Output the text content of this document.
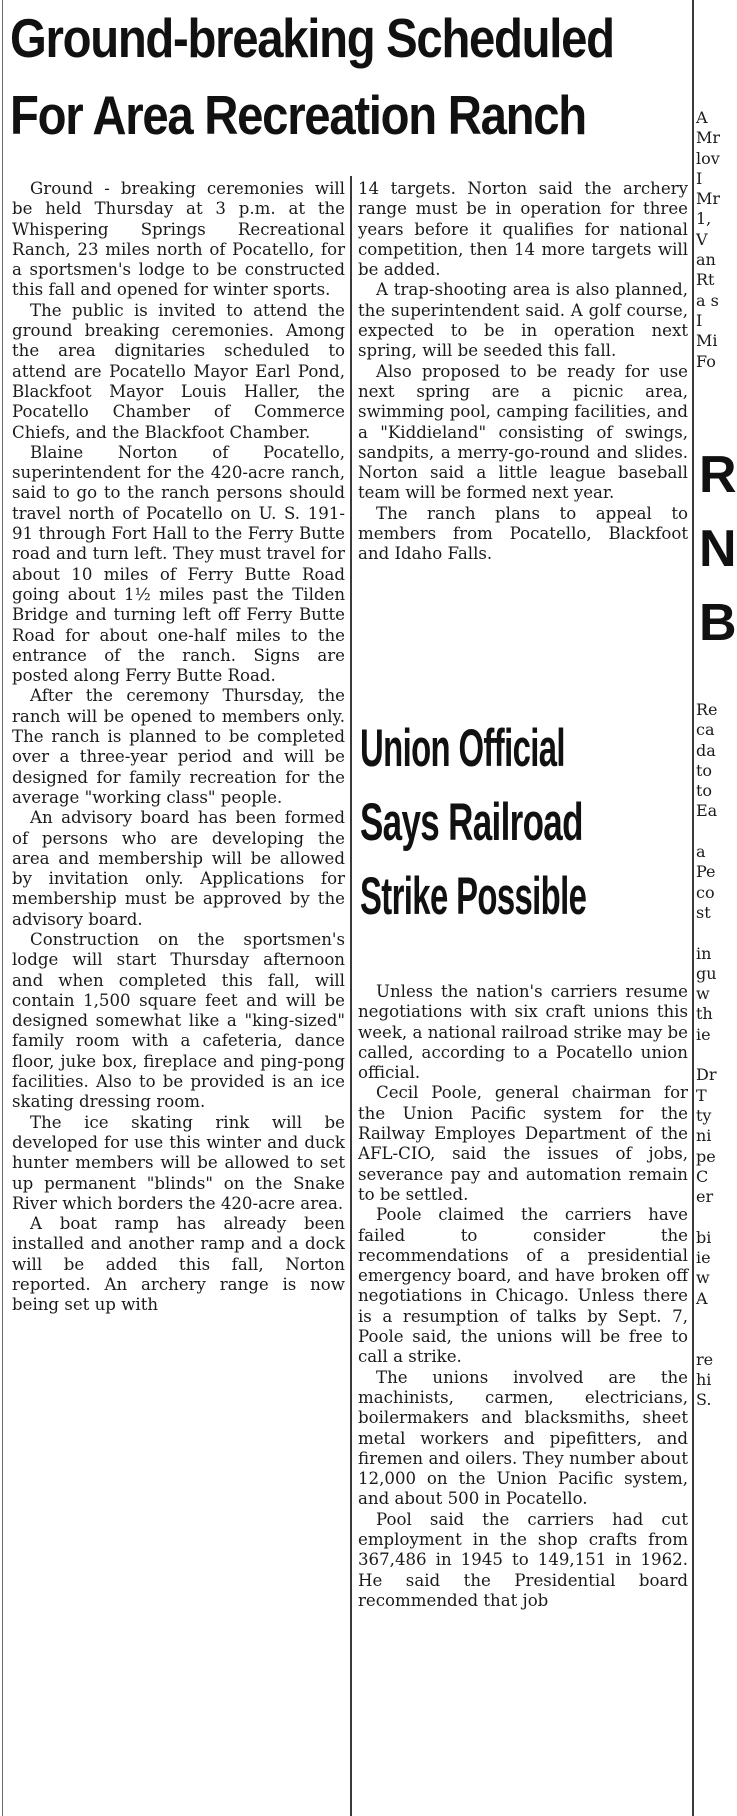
Ground-breaking Scheduled
For Area Recreation Ranch

Ground - breaking ceremonies will be held Thursday at 3 p.m. at the Whispering Springs Recreational Ranch, 23 miles north of Pocatello, for a sportsmen's lodge to be constructed this fall and opened for winter sports.

The public is invited to attend the ground breaking ceremonies. Among the area dignitaries scheduled to attend are Pocatello Mayor Earl Pond, Blackfoot Mayor Louis Haller, the Pocatello Chamber of Commerce Chiefs, and the Blackfoot Chamber.

Blaine Norton of Pocatello, superintendent for the 420-acre ranch, said to go to the ranch persons should travel north of Pocatello on U. S. 191-91 through Fort Hall to the Ferry Butte road and turn left. They must travel for about 10 miles of Ferry Butte Road going about 1½ miles past the Tilden Bridge and turning left off Ferry Butte Road for about one-half miles to the entrance of the ranch. Signs are posted along Ferry Butte Road.

After the ceremony Thursday, the ranch will be opened to members only. The ranch is planned to be completed over a three-year period and will be designed for family recreation for the average "working class" people.

An advisory board has been formed of persons who are developing the area and membership will be allowed by invitation only. Applications for membership must be approved by the advisory board.

Construction on the sportsmen's lodge will start Thursday afternoon and when completed this fall, will contain 1,500 square feet and will be designed somewhat like a "king-sized" family room with a cafeteria, dance floor, juke box, fireplace and ping-pong facilities. Also to be provided is an ice skating dressing room.

The ice skating rink will be developed for use this winter and duck hunter members will be allowed to set up permanent "blinds" on the Snake River which borders the 420-acre area.

A boat ramp has already been installed and another ramp and a dock will be added this fall, Norton reported. An archery range is now being set up with

14 targets. Norton said the archery range must be in operation for three years before it qualifies for national competition, then 14 more targets will be added.

A trap-shooting area is also planned, the superintendent said. A golf course, expected to be in operation next spring, will be seeded this fall.

Also proposed to be ready for use next spring are a picnic area, swimming pool, camping facilities, and a "Kiddieland" consisting of swings, sandpits, a merry-go-round and slides. Norton said a little league baseball team will be formed next year.

The ranch plans to appeal to members from Pocatello, Blackfoot and Idaho Falls.

Union Official
Says Railroad
Strike Possible

Unless the nation's carriers resume negotiations with six craft unions this week, a national railroad strike may be called, according to a Pocatello union official.

Cecil Poole, general chairman for the Union Pacific system for the Railway Employes Department of the AFL-CIO, said the issues of jobs, severance pay and automation remain to be settled.

Poole claimed the carriers have failed to consider the recommendations of a presidential emergency board, and have broken off negotiations in Chicago. Unless there is a resumption of talks by Sept. 7, Poole said, the unions will be free to call a strike.

The unions involved are the machinists, carmen, electricians, boilermakers and blacksmiths, sheet metal workers and pipefitters, and firemen and oilers. They number about 12,000 on the Union Pacific system, and about 500 in Pocatello.

Pool said the carriers had cut employment in the shop crafts from 367,486 in 1945 to 149,151 in 1962. He said the Presidential board recommended that job

A
Mr
lov
I
Mr
1,
V
an
Rt
a s
I
Mi
Fo
R
N
B
Re
ca
da
to
to
Ea
a
Pe
co
st
in
gu
w
th
ie
Dr
T
ty
ni
pe
C
er
bi
ie
w
A
re
hi
S.
